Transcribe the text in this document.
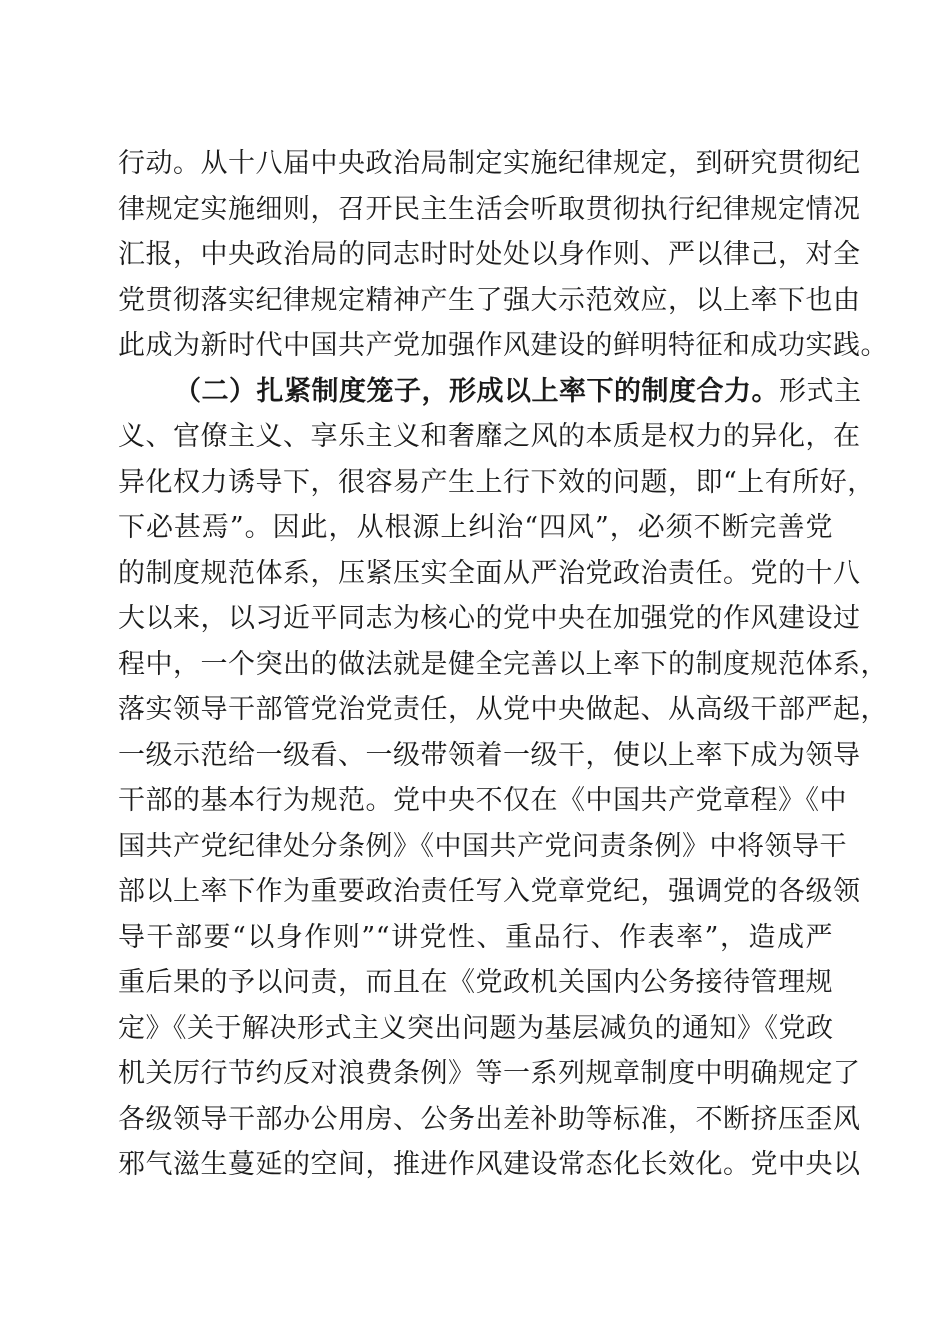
行动。从十八届中央政治局制定实施纪律规定，到研究贯彻纪
律规定实施细则，召开民主生活会听取贯彻执行纪律规定情况
汇报，中央政治局的同志时时处处以身作则、严以律己，对全
党贯彻落实纪律规定精神产生了强大示范效应，以上率下也由
此成为新时代中国共产党加强作风建设的鲜明特征和成功实践。
（二）扎紧制度笼子，形成以上率下的制度合力。形式主
义、官僚主义、享乐主义和奢靡之风的本质是权力的异化，在
异化权力诱导下，很容易产生上行下效的问题，即“上有所好，
下必甚焉”。因此，从根源上纠治“四风”，必须不断完善党
的制度规范体系，压紧压实全面从严治党政治责任。党的十八
大以来，以习近平同志为核心的党中央在加强党的作风建设过
程中，一个突出的做法就是健全完善以上率下的制度规范体系，
落实领导干部管党治党责任，从党中央做起、从高级干部严起，
一级示范给一级看、一级带领着一级干，使以上率下成为领导
干部的基本行为规范。党中央不仅在《中国共产党章程》《中
国共产党纪律处分条例》《中国共产党问责条例》中将领导干
部以上率下作为重要政治责任写入党章党纪，强调党的各级领
导干部要“以身作则”“讲党性、重品行、作表率”，造成严
重后果的予以问责，而且在《党政机关国内公务接待管理规
定》《关于解决形式主义突出问题为基层减负的通知》《党政
机关厉行节约反对浪费条例》等一系列规章制度中明确规定了
各级领导干部办公用房、公务出差补助等标准，不断挤压歪风
邪气滋生蔓延的空间，推进作风建设常态化长效化。党中央以
